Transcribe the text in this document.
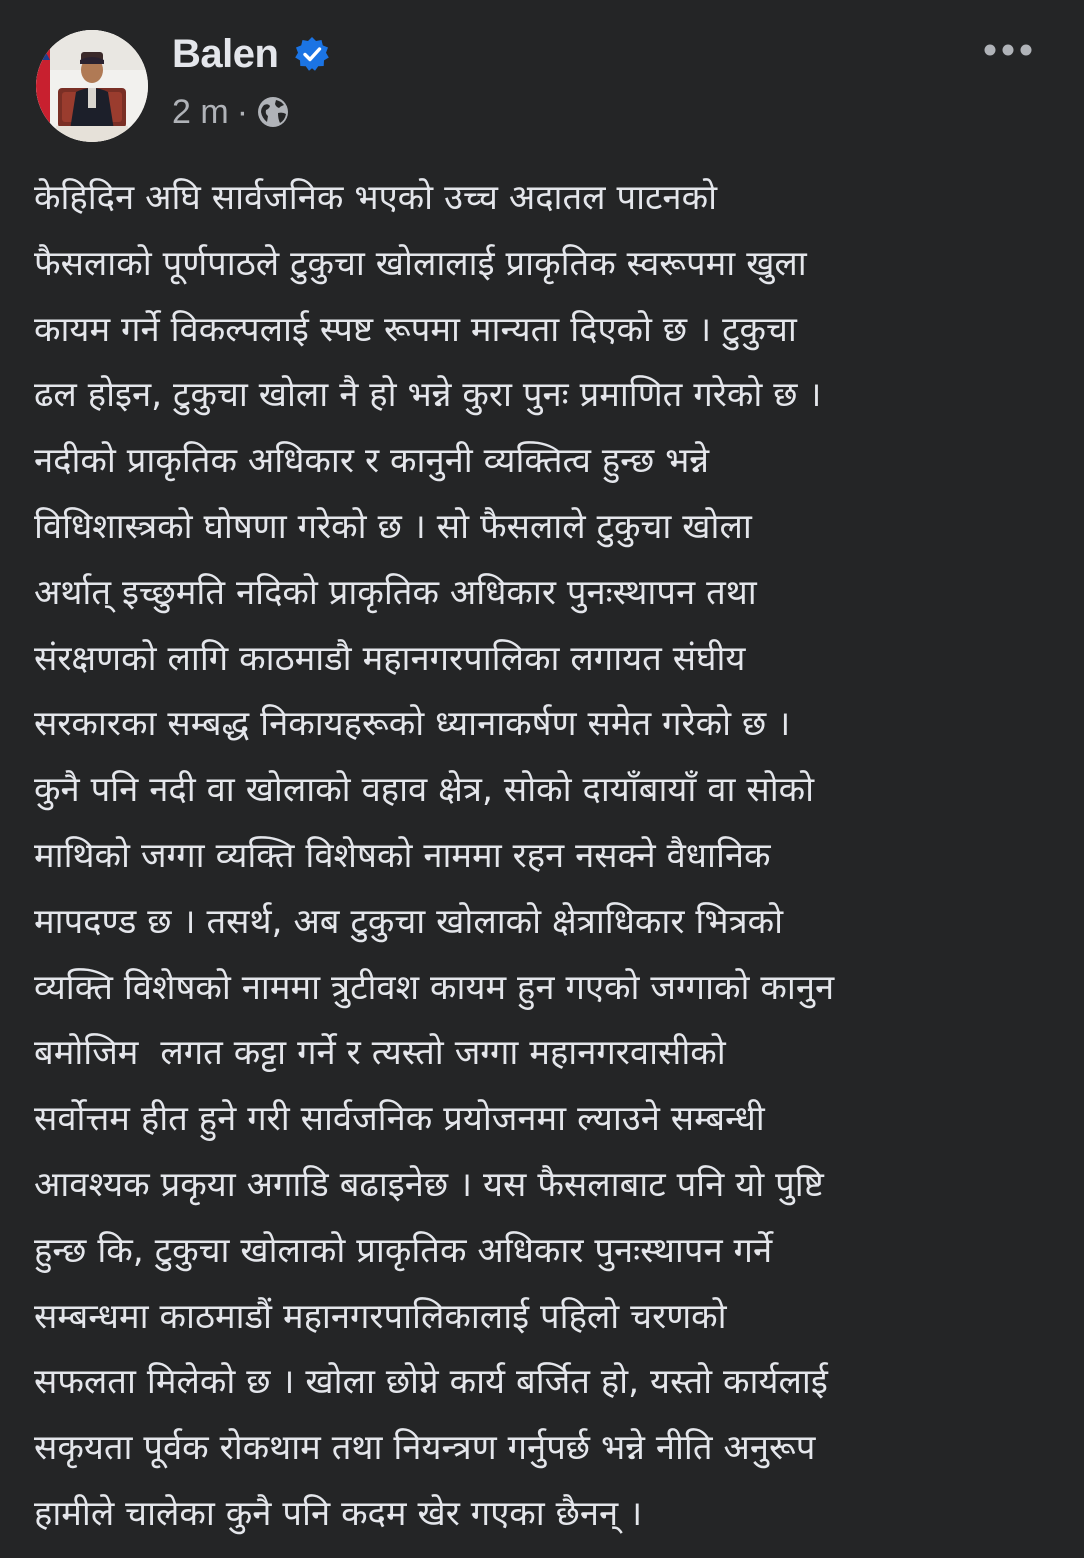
Balen
2 m ·
केहिदिन अघि सार्वजनिक भएको उच्च अदातल पाटनको
फैसलाको पूर्णपाठले टुकुचा खोलालाई प्राकृतिक स्वरूपमा खुला
कायम गर्ने विकल्पलाई स्पष्ट रूपमा मान्यता दिएको छ । टुकुचा
ढल होइन, टुकुचा खोला नै हो भन्ने कुरा पुनः प्रमाणित गरेको छ ।
नदीको प्राकृतिक अधिकार र कानुनी व्यक्तित्व हुन्छ भन्ने
विधिशास्त्रको घोषणा गरेको छ । सो फैसलाले टुकुचा खोला
अर्थात् इच्छुमति नदिको प्राकृतिक अधिकार पुनःस्थापन तथा
संरक्षणको लागि काठमाडौ महानगरपालिका लगायत संघीय
सरकारका सम्बद्ध निकायहरूको ध्यानाकर्षण समेत गरेको छ ।
कुनै पनि नदी वा खोलाको वहाव क्षेत्र, सोको दायाँबायाँ वा सोको
माथिको जग्गा व्यक्ति विशेषको नाममा रहन नसक्ने वैधानिक
मापदण्ड छ । तसर्थ, अब टुकुचा खोलाको क्षेत्राधिकार भित्रको
व्यक्ति विशेषको नाममा त्रुटीवश कायम हुन गएको जग्गाको कानुन
बमोजिम  लगत कट्टा गर्ने र त्यस्तो जग्गा महानगरवासीको
सर्वोत्तम हीत हुने गरी सार्वजनिक प्रयोजनमा ल्याउने सम्बन्धी
आवश्यक प्रकृया अगाडि बढाइनेछ । यस फैसलाबाट पनि यो पुष्टि
हुन्छ कि, टुकुचा खोलाको प्राकृतिक अधिकार पुनःस्थापन गर्ने
सम्बन्धमा काठमाडौं महानगरपालिकालाई पहिलो चरणको
सफलता मिलेको छ । खोला छोप्ने कार्य बर्जित हो, यस्तो कार्यलाई
सकृयता पूर्वक रोकथाम तथा नियन्त्रण गर्नुपर्छ भन्ने नीति अनुरूप
हामीले चालेका कुनै पनि कदम खेर गएका छैनन् ।
